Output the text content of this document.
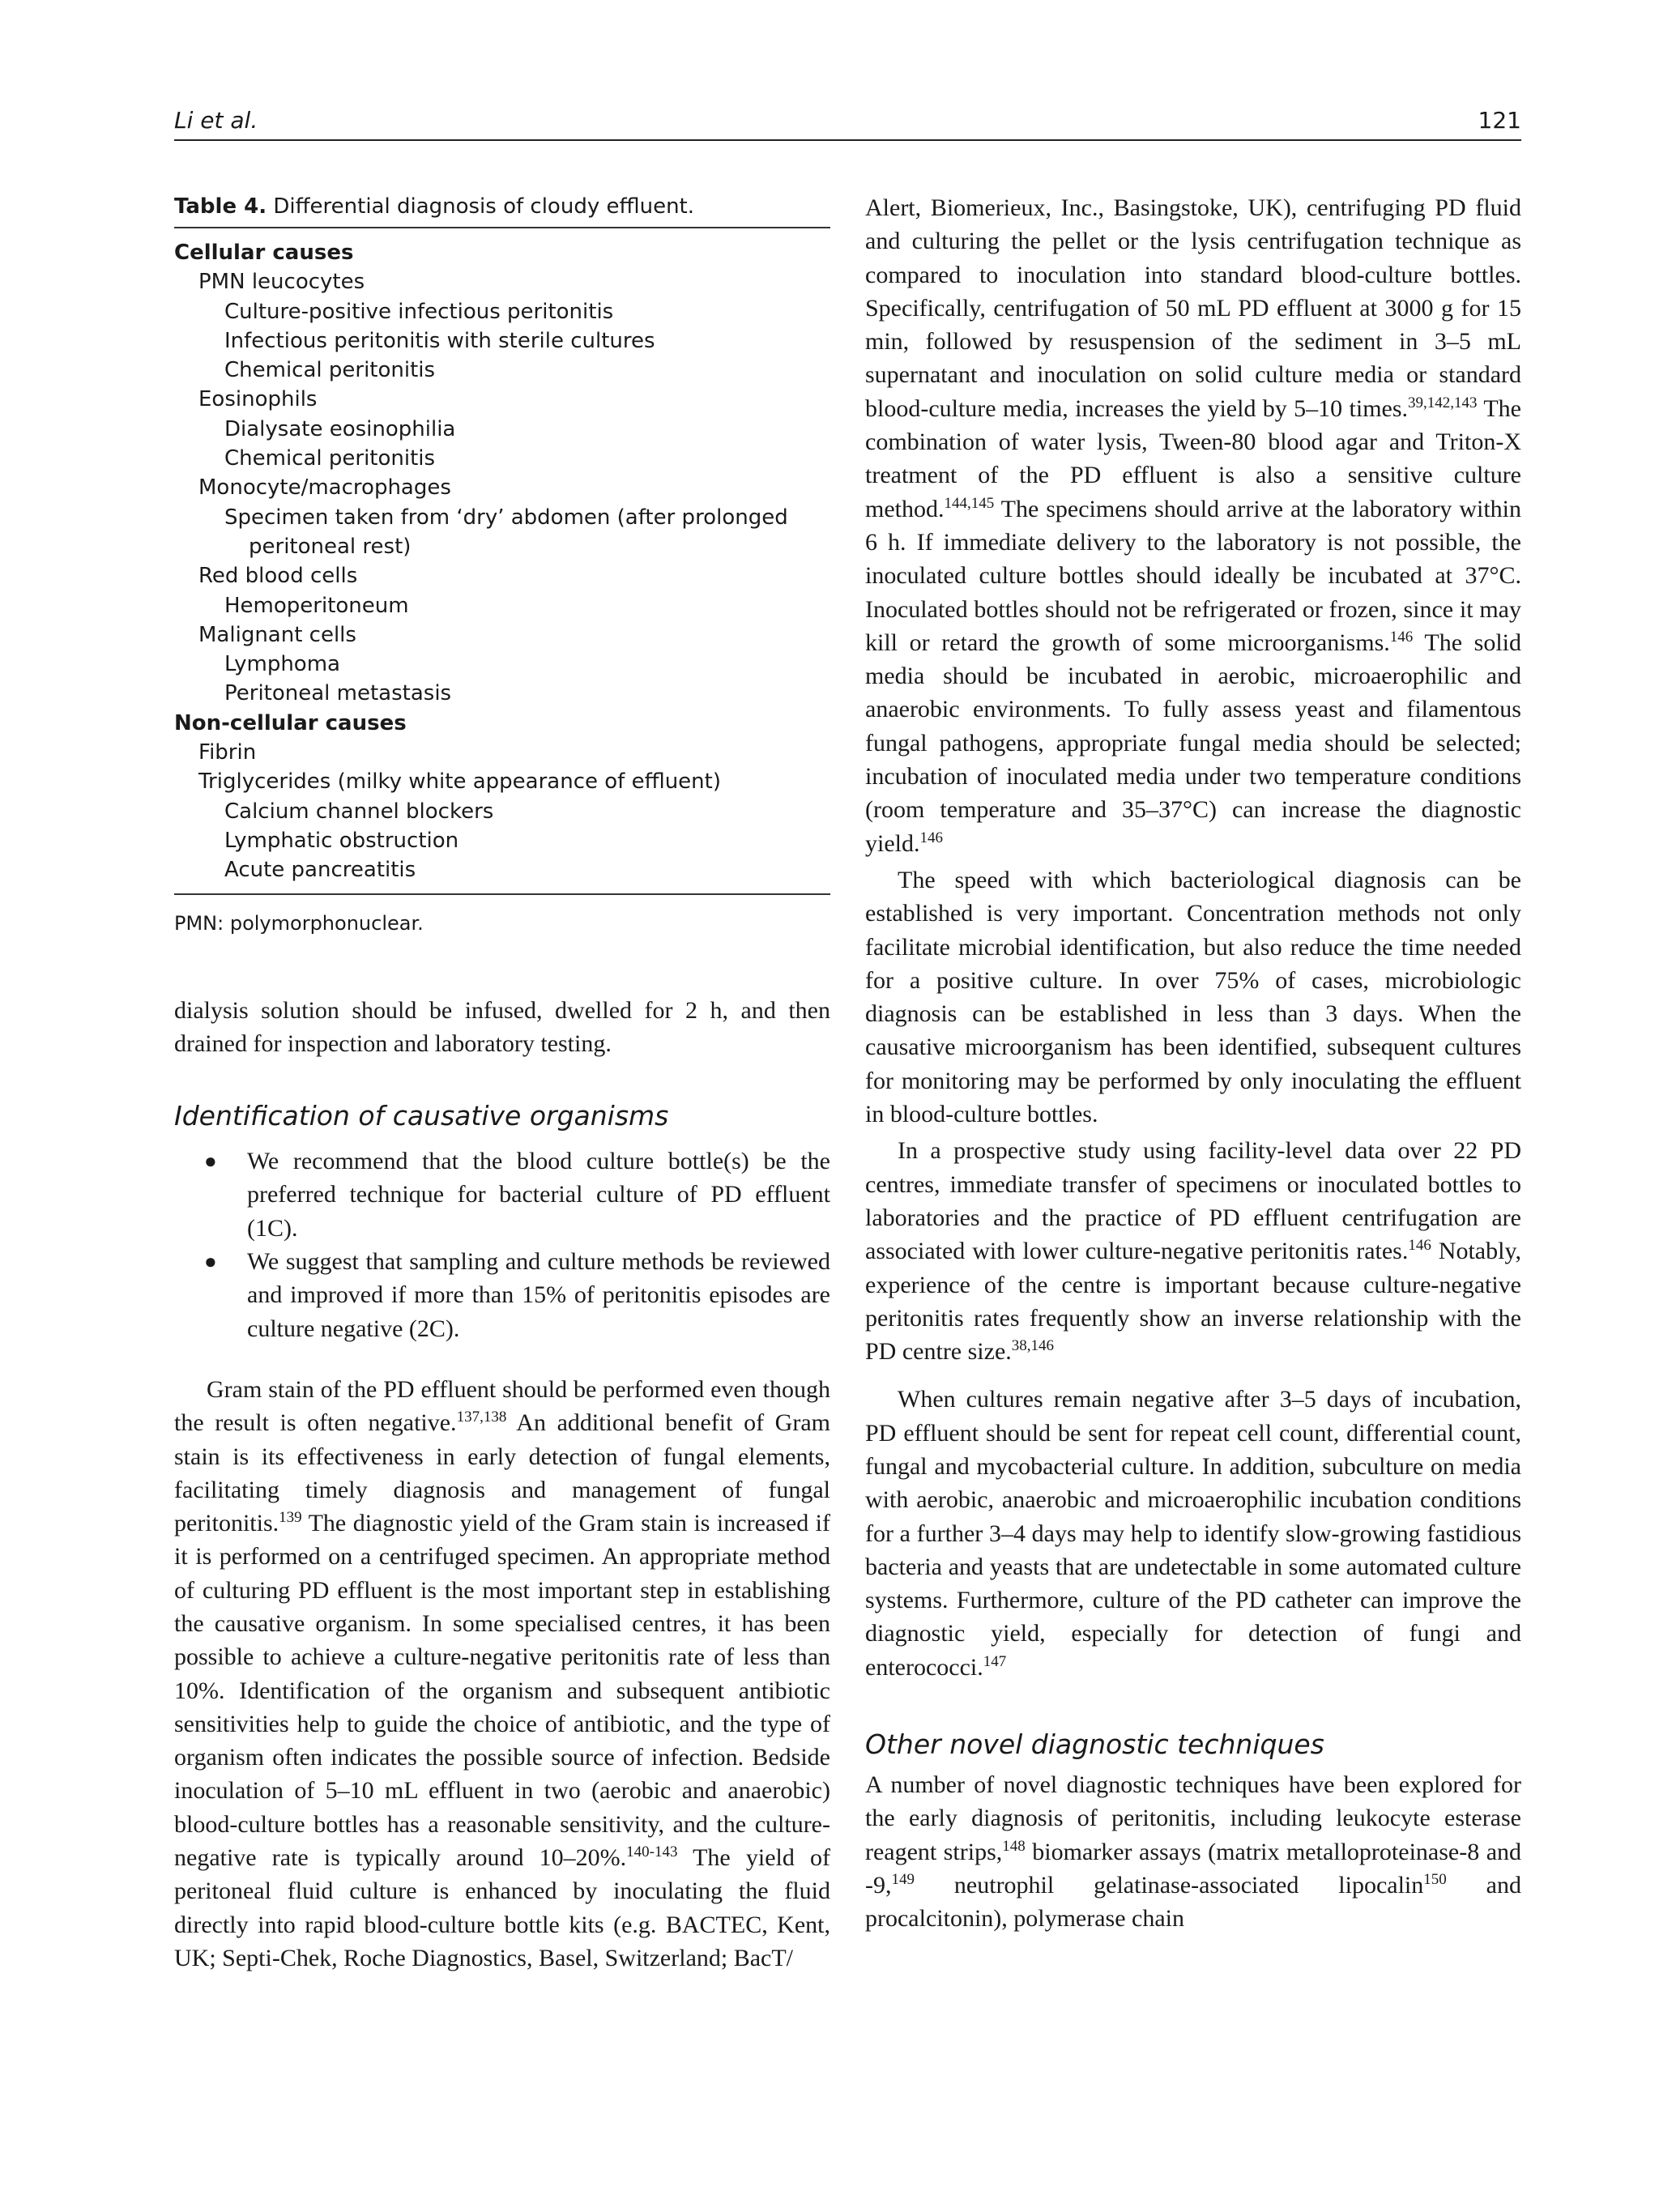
Li et al.	121
Table 4. Differential diagnosis of cloudy effluent.
Cellular causes
PMN leucocytes
Culture-positive infectious peritonitis
Infectious peritonitis with sterile cultures
Chemical peritonitis
Eosinophils
Dialysate eosinophilia
Chemical peritonitis
Monocyte/macrophages
Specimen taken from ‘dry’ abdomen (after prolonged
peritoneal rest)
Red blood cells
Hemoperitoneum
Malignant cells
Lymphoma
Peritoneal metastasis
Non-cellular causes
Fibrin
Triglycerides (milky white appearance of effluent)
Calcium channel blockers
Lymphatic obstruction
Acute pancreatitis
PMN: polymorphonuclear.

dialysis solution should be infused, dwelled for 2 h, and then drained for inspection and laboratory testing.

Identification of causative organisms
● We recommend that the blood culture bottle(s) be the preferred technique for bacterial culture of PD effluent (1C).
● We suggest that sampling and culture methods be reviewed and improved if more than 15% of peritonitis episodes are culture negative (2C).

Gram stain of the PD effluent should be performed even though the result is often negative.$^{137,138}$ An additional benefit of Gram stain is its effectiveness in early detection of fungal elements, facilitating timely diagnosis and management of fungal peritonitis.$^{139}$ The diagnostic yield of the Gram stain is increased if it is performed on a centrifuged specimen. An appropriate method of culturing PD effluent is the most important step in establishing the causative organism. In some specialised centres, it has been possible to achieve a culture-negative peritonitis rate of less than 10%. Identification of the organism and subsequent antibiotic sensitivities help to guide the choice of antibiotic, and the type of organism often indicates the possible source of infection. Bedside inoculation of 5–10 mL effluent in two (aerobic and anaerobic) blood-culture bottles has a reasonable sensitivity, and the culture-negative rate is typically around 10–20%.$^{140-143}$ The yield of peritoneal fluid culture is enhanced by inoculating the fluid directly into rapid blood-culture bottle kits (e.g. BACTEC, Kent, UK; Septi-Chek, Roche Diagnostics, Basel, Switzerland; BacT/

Alert, Biomerieux, Inc., Basingstoke, UK), centrifuging PD fluid and culturing the pellet or the lysis centrifugation technique as compared to inoculation into standard blood-culture bottles. Specifically, centrifugation of 50 mL PD effluent at 3000 g for 15 min, followed by resuspension of the sediment in 3–5 mL supernatant and inoculation on solid culture media or standard blood-culture media, increases the yield by 5–10 times.$^{39,142,143}$ The combination of water lysis, Tween-80 blood agar and Triton-X treatment of the PD effluent is also a sensitive culture method.$^{144,145}$ The specimens should arrive at the laboratory within 6 h. If immediate delivery to the laboratory is not possible, the inoculated culture bottles should ideally be incubated at 37°C. Inoculated bottles should not be refrigerated or frozen, since it may kill or retard the growth of some microorganisms.$^{146}$ The solid media should be incubated in aerobic, microaerophilic and anaerobic environments. To fully assess yeast and filamentous fungal pathogens, appropriate fungal media should be selected; incubation of inoculated media under two temperature conditions (room temperature and 35–37°C) can increase the diagnostic yield.$^{146}$

The speed with which bacteriological diagnosis can be established is very important. Concentration methods not only facilitate microbial identification, but also reduce the time needed for a positive culture. In over 75% of cases, microbiologic diagnosis can be established in less than 3 days. When the causative microorganism has been identified, subsequent cultures for monitoring may be performed by only inoculating the effluent in blood-culture bottles.

In a prospective study using facility-level data over 22 PD centres, immediate transfer of specimens or inoculated bottles to laboratories and the practice of PD effluent centrifugation are associated with lower culture-negative peritonitis rates.$^{146}$ Notably, experience of the centre is important because culture-negative peritonitis rates frequently show an inverse relationship with the PD centre size.$^{38,146}$

When cultures remain negative after 3–5 days of incubation, PD effluent should be sent for repeat cell count, differential count, fungal and mycobacterial culture. In addition, subculture on media with aerobic, anaerobic and microaerophilic incubation conditions for a further 3–4 days may help to identify slow-growing fastidious bacteria and yeasts that are undetectable in some automated culture systems. Furthermore, culture of the PD catheter can improve the diagnostic yield, especially for detection of fungi and enterococci.$^{147}$

Other novel diagnostic techniques

A number of novel diagnostic techniques have been explored for the early diagnosis of peritonitis, including leukocyte esterase reagent strips,$^{148}$ biomarker assays (matrix metalloproteinase-8 and -9,$^{149}$ neutrophil gelatinase-associated lipocalin$^{150}$ and procalcitonin), polymerase chain
